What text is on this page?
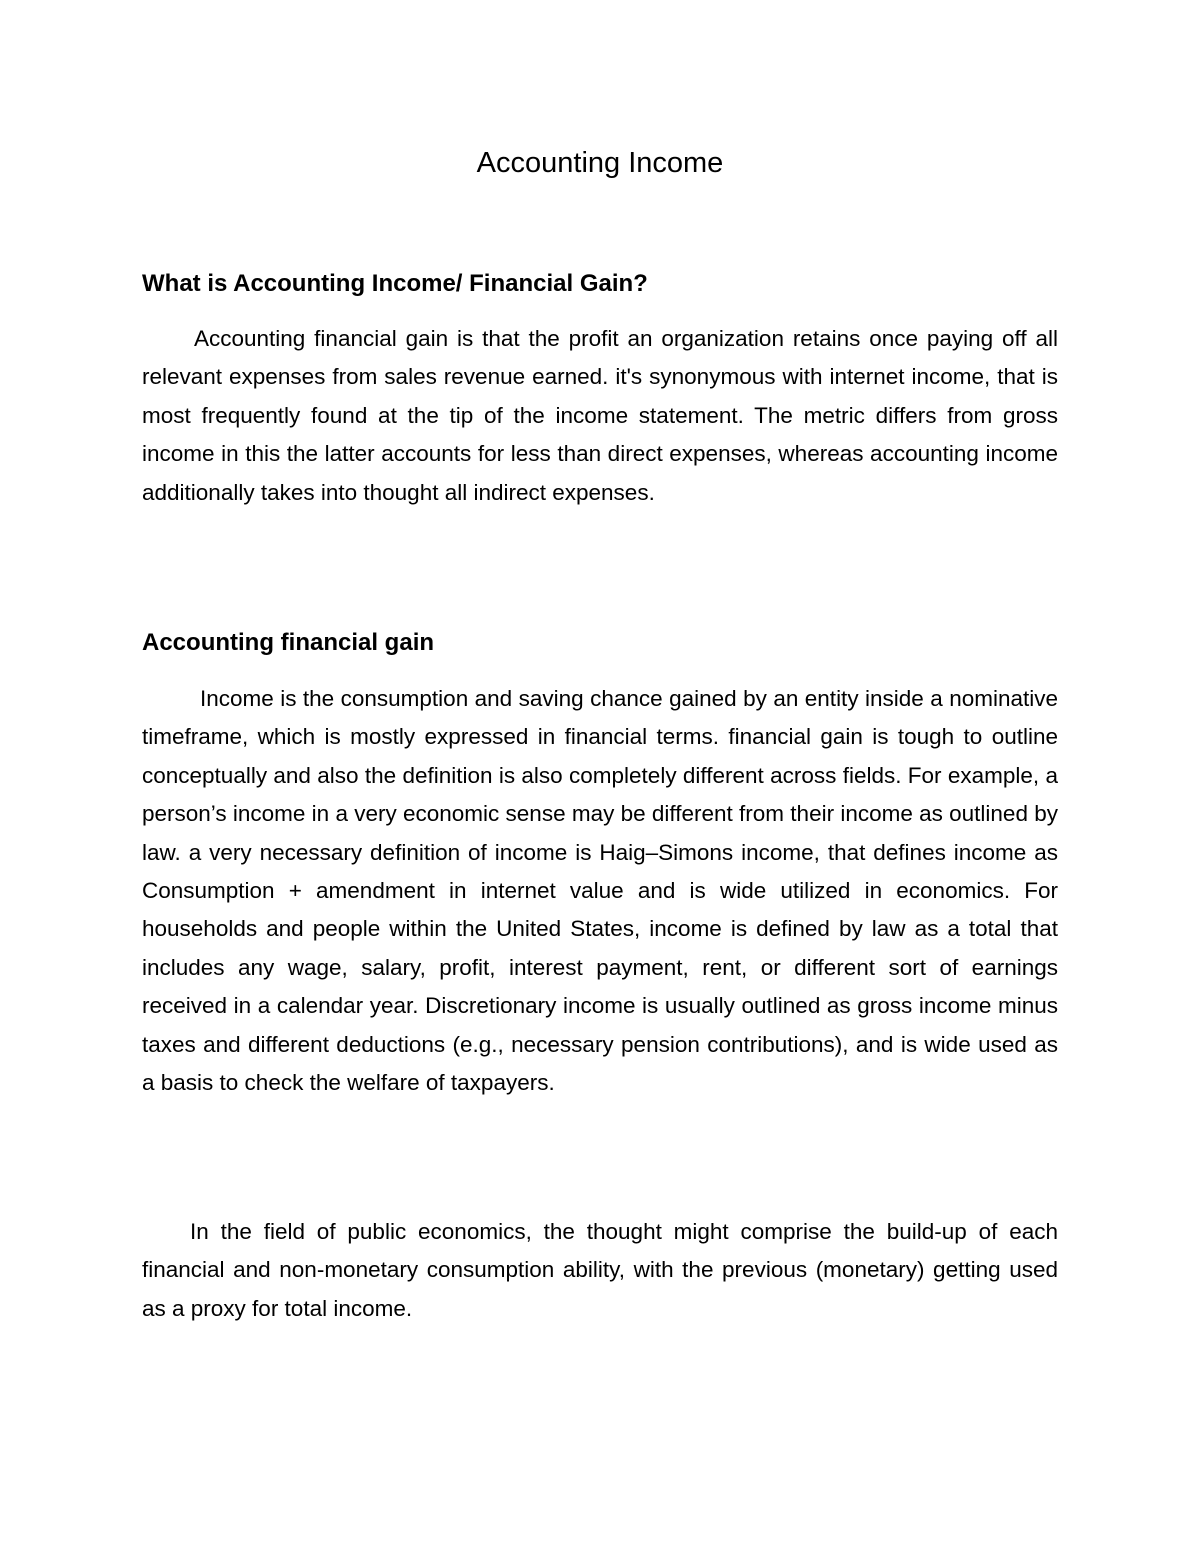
Accounting Income
What is Accounting Income/ Financial Gain?

Accounting financial gain is that the profit an organization retains once paying off all relevant expenses from sales revenue earned. it's synonymous with internet income, that is most frequently found at the tip of the income statement. The metric differs from gross income in this the latter accounts for less than direct expenses, whereas accounting income additionally takes into thought all indirect expenses.

Accounting financial gain

Income is the consumption and saving chance gained by an entity inside a nominative timeframe, which is mostly expressed in financial terms. financial gain is tough to outline conceptually and also the definition is also completely different across fields. For example, a person’s income in a very economic sense may be different from their income as outlined by law. a very necessary definition of income is Haig–Simons income, that defines income as Consumption + amendment in internet value and is wide utilized in economics. For households and people within the United States, income is defined by law as a total that includes any wage, salary, profit, interest payment, rent, or different sort of earnings received in a calendar year. Discretionary income is usually outlined as gross income minus taxes and different deductions (e.g., necessary pension contributions), and is wide used as a basis to check the welfare of taxpayers.

In the field of public economics, the thought might comprise the build-up of each financial and non-monetary consumption ability, with the previous (monetary) getting used as a proxy for total income.
